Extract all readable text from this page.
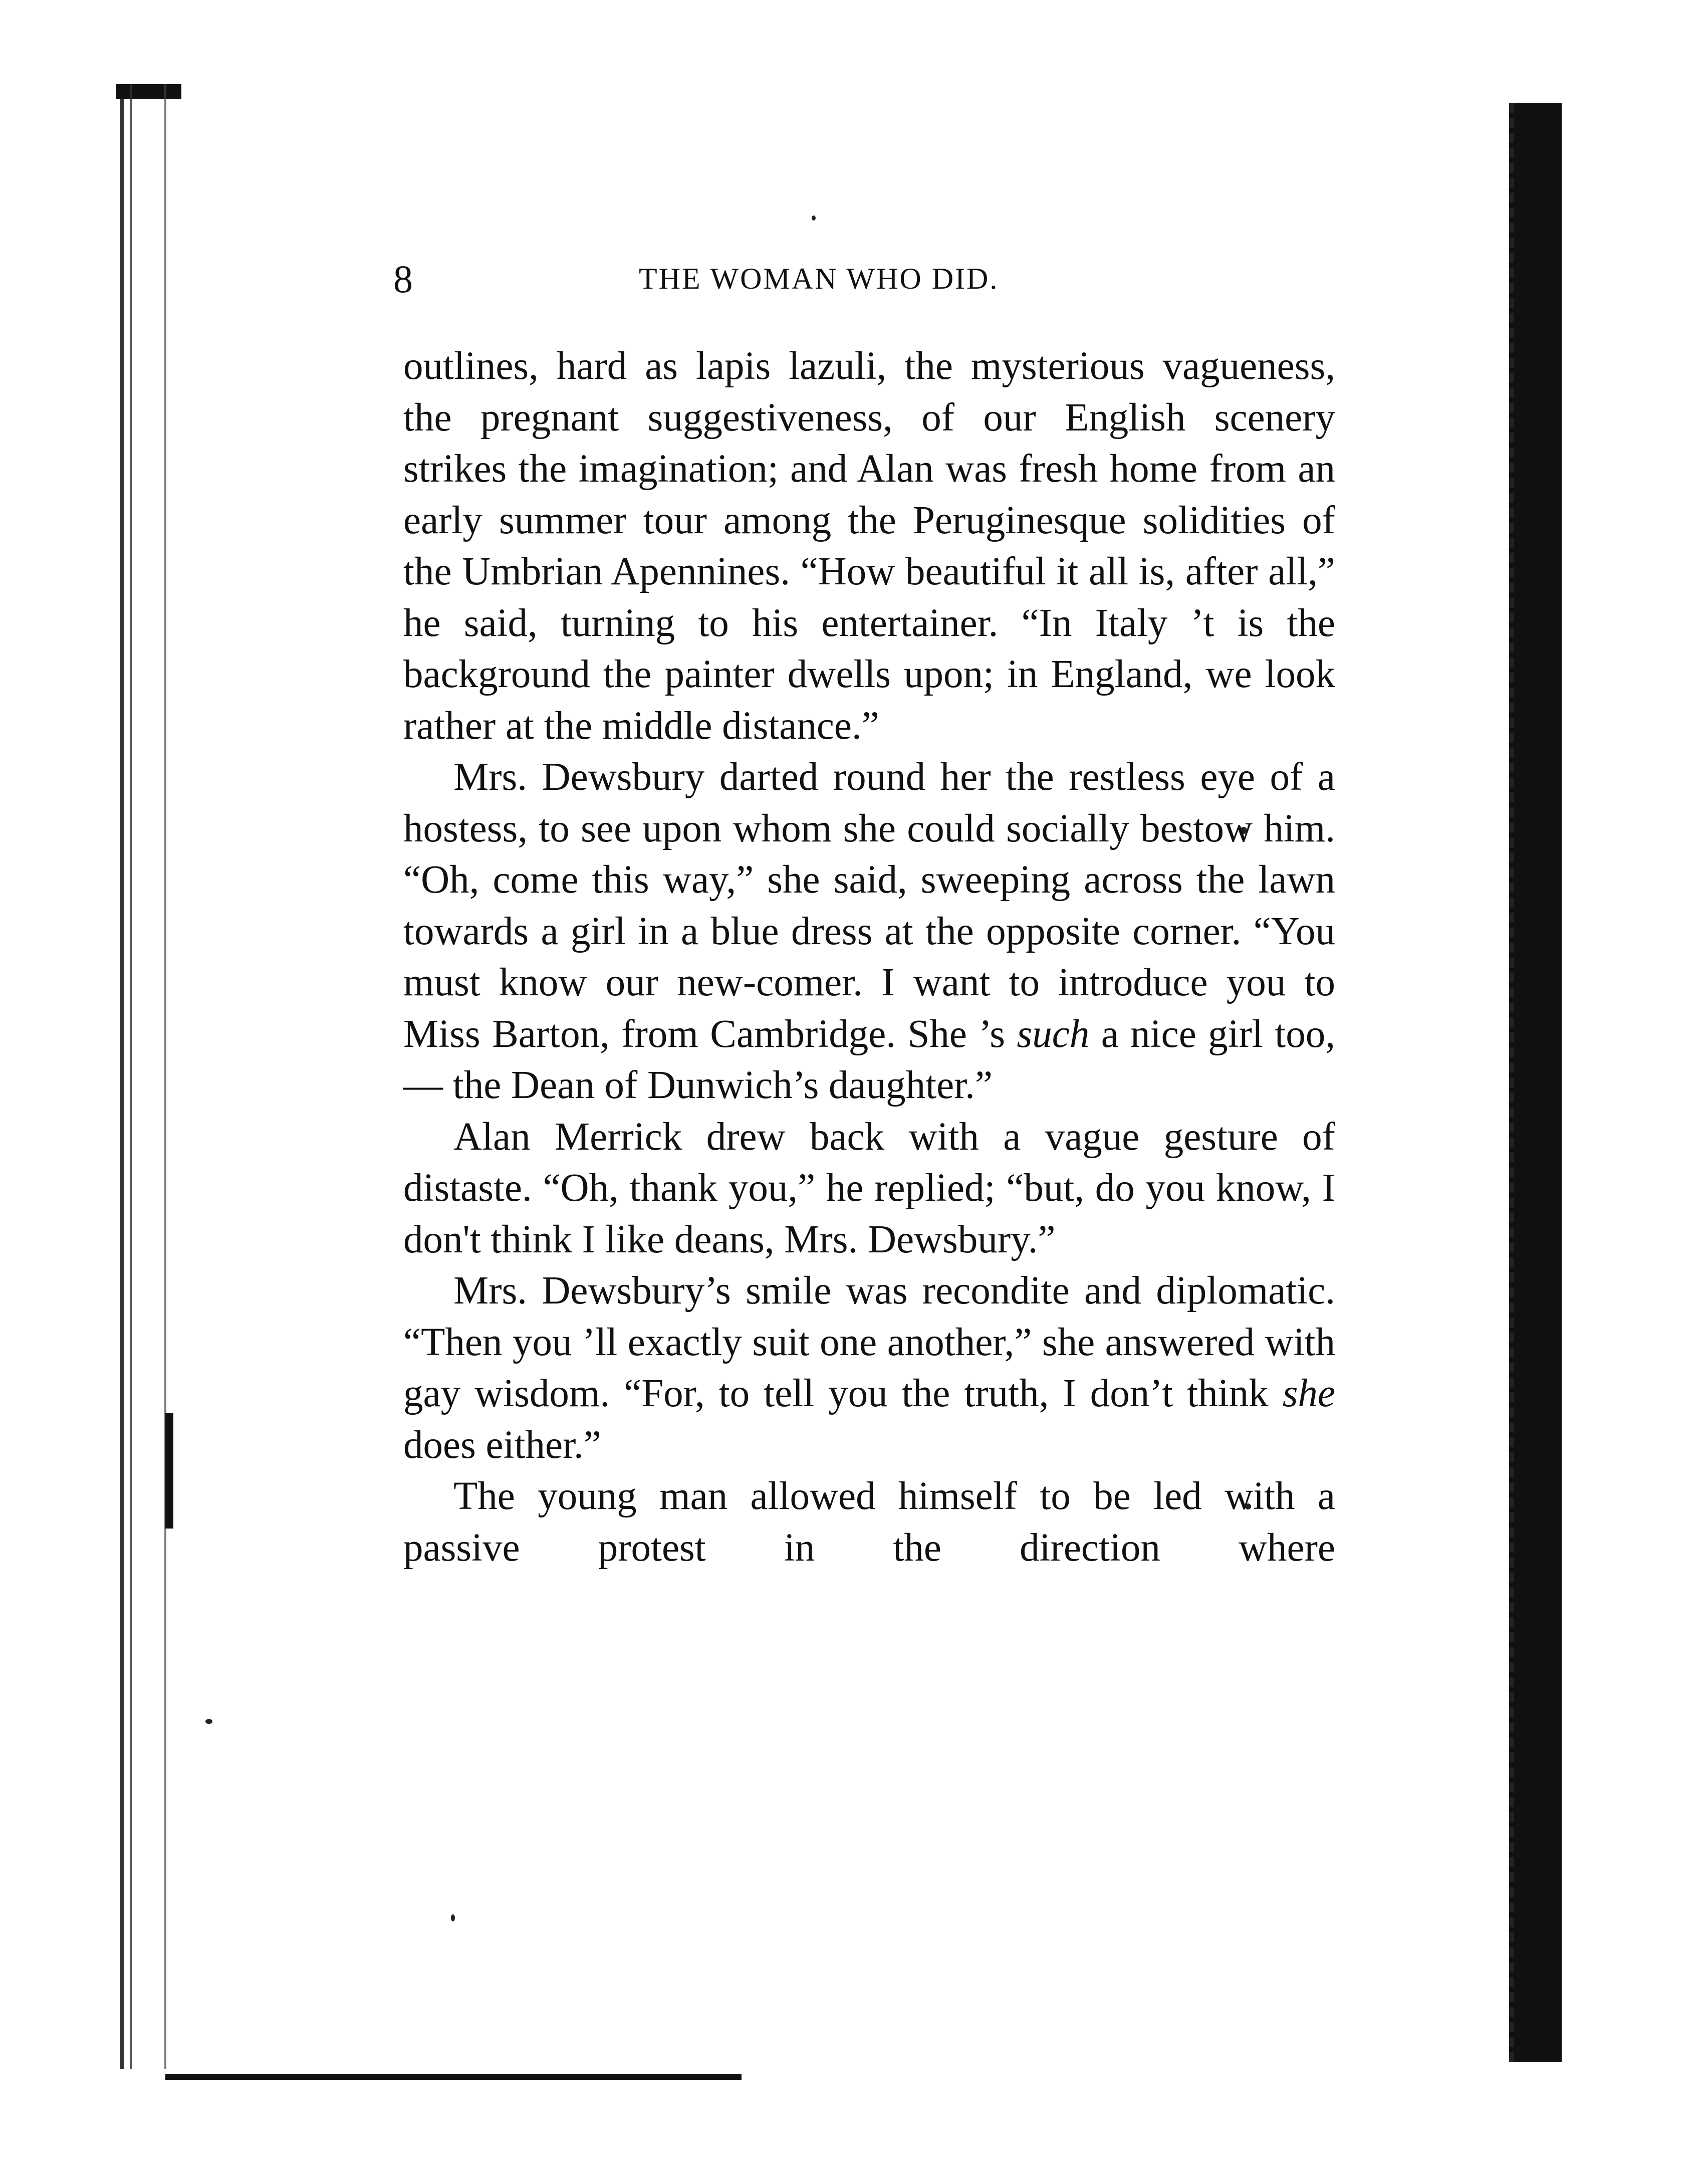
8	THE WOMAN WHO DID.

outlines, hard as lapis lazuli, the mysterious vagueness, the pregnant suggestiveness, of our English scenery strikes the imagination; and Alan was fresh home from an early summer tour among the Peruginesque solidities of the Umbrian Apennines. “How beautiful it all is, after all,” he said, turning to his entertainer. “In Italy ’t is the background the painter dwells upon; in England, we look rather at the middle distance.”

Mrs. Dewsbury darted round her the restless eye of a hostess, to see upon whom she could socially bestow him. “Oh, come this way,” she said, sweeping across the lawn towards a girl in a blue dress at the opposite corner. “You must know our new-comer. I want to introduce you to Miss Barton, from Cambridge. She ’s such a nice girl too, — the Dean of Dunwich’s daughter.”

Alan Merrick drew back with a vague gesture of distaste. “Oh, thank you,” he replied; “but, do you know, I don't think I like deans, Mrs. Dewsbury.”

Mrs. Dewsbury’s smile was recondite and diplomatic. “Then you ’ll exactly suit one another,” she answered with gay wisdom. “For, to tell you the truth, I don’t think she does either.”

The young man allowed himself to be led with a passive protest in the direction where
